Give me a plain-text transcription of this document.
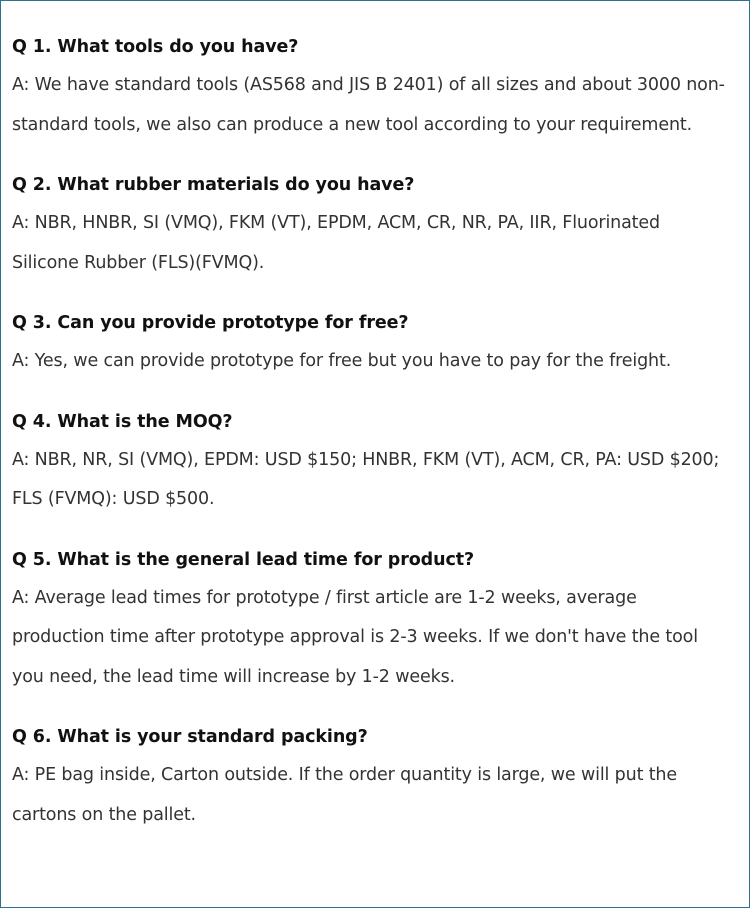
Q 1. What tools do you have?

A: We have standard tools (AS568 and JIS B 2401) of all sizes and about 3000 non-standard tools, we also can produce a new tool according to your requirement.

Q 2. What rubber materials do you have?

A: NBR, HNBR, SI (VMQ), FKM (VT), EPDM, ACM, CR, NR, PA, IIR, Fluorinated Silicone Rubber (FLS)(FVMQ).

Q 3. Can you provide prototype for free?

A: Yes, we can provide prototype for free but you have to pay for the freight.

Q 4. What is the MOQ?

A: NBR, NR, SI (VMQ), EPDM: USD $150; HNBR, FKM (VT), ACM, CR, PA: USD $200; FLS (FVMQ): USD $500.

Q 5. What is the general lead time for product?

A: Average lead times for prototype / first article are 1-2 weeks, average production time after prototype approval is 2-3 weeks. If we don't have the tool you need, the lead time will increase by 1-2 weeks.

Q 6. What is your standard packing?

A: PE bag inside, Carton outside. If the order quantity is large, we will put the cartons on the pallet.
